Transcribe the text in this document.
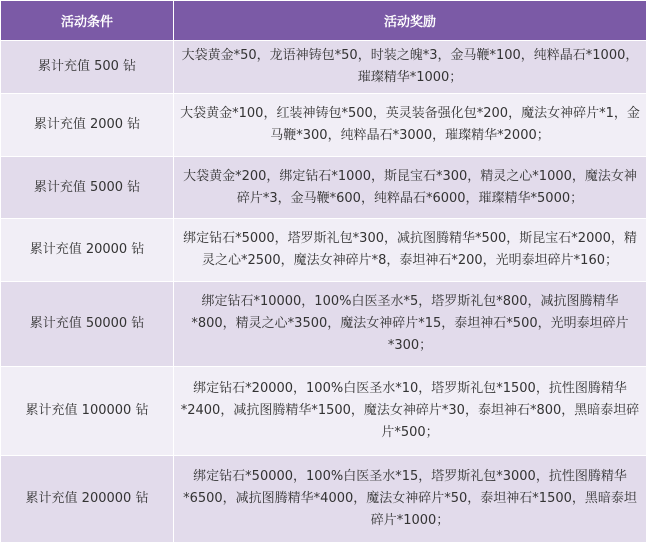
活动条件	活动奖励
累计充值 500 钻	大袋黄金*50，龙语神铸包*50，时装之魄*3，金马鞭*100，纯粹晶石*1000，璀璨精华*1000；
累计充值 2000 钻	大袋黄金*100，红装神铸包*500，英灵装备强化包*200，魔法女神碎片*1，金马鞭*300，纯粹晶石*3000，璀璨精华*2000；
累计充值 5000 钻	大袋黄金*200，绑定钻石*1000，斯昆宝石*300，精灵之心*1000，魔法女神碎片*3，金马鞭*600，纯粹晶石*6000，璀璨精华*5000；
累计充值 20000 钻	绑定钻石*5000，塔罗斯礼包*300，减抗图腾精华*500，斯昆宝石*2000，精灵之心*2500，魔法女神碎片*8，泰坦神石*200，光明泰坦碎片*160；
累计充值 50000 钻	绑定钻石*10000，100%白医圣水*5，塔罗斯礼包*800，减抗图腾精华*800，精灵之心*3500，魔法女神碎片*15，泰坦神石*500，光明泰坦碎片*300；
累计充值 100000 钻	绑定钻石*20000，100%白医圣水*10，塔罗斯礼包*1500，抗性图腾精华*2400，减抗图腾精华*1500，魔法女神碎片*30，泰坦神石*800，黑暗泰坦碎片*500；
累计充值 200000 钻	绑定钻石*50000，100%白医圣水*15，塔罗斯礼包*3000，抗性图腾精华*6500，减抗图腾精华*4000，魔法女神碎片*50，泰坦神石*1500，黑暗泰坦碎片*1000；
